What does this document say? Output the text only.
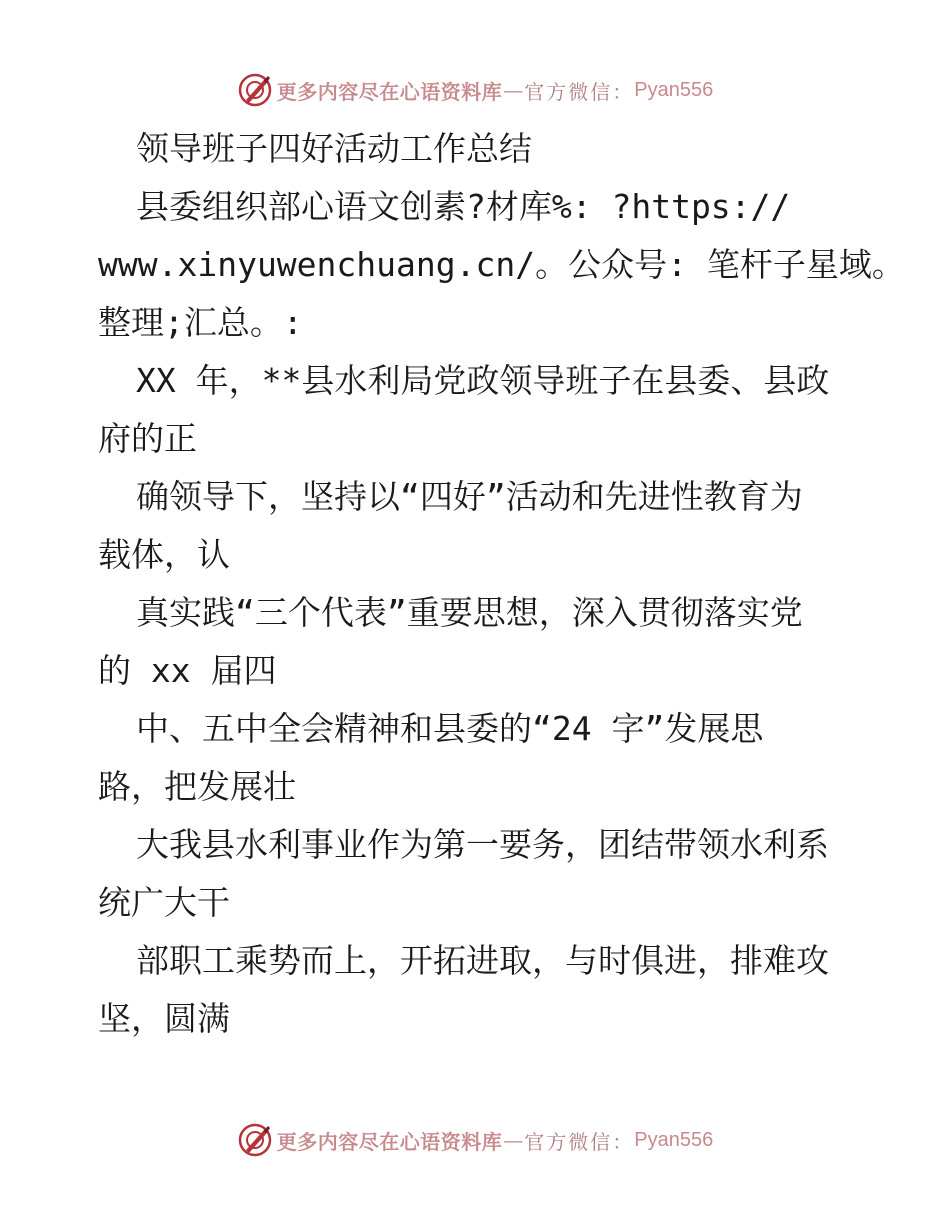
更多内容尽在心语资料库 — 官方微信： Pyan556
领导班子四好活动工作总结
县委组织部心语文创素?材库%: ?https://
www.xinyuwenchuang.cn/。公众号: 笔杆子星域。
整理;汇总。:
XX 年，**县水利局党政领导班子在县委、县政
府的正
确领导下，坚持以“四好”活动和先进性教育为
载体，认
真实践“三个代表”重要思想，深入贯彻落实党
的 xx 届四
中、五中全会精神和县委的“24 字”发展思
路，把发展壮
大我县水利事业作为第一要务，团结带领水利系
统广大干
部职工乘势而上，开拓进取，与时俱进，排难攻
坚，圆满
更多内容尽在心语资料库 — 官方微信： Pyan556
